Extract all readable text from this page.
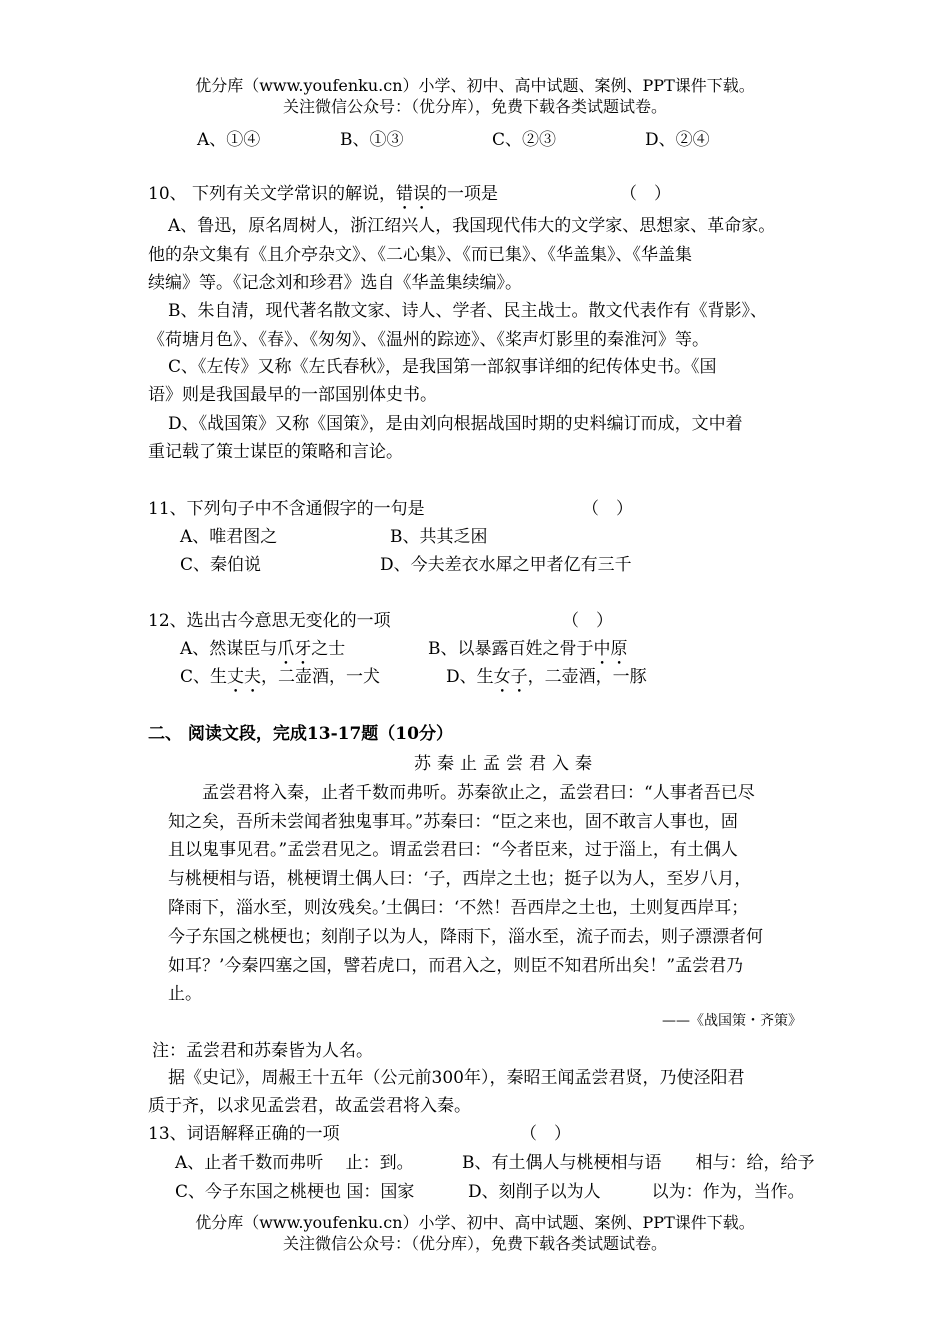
优分库（www.youfenku.cn）小学、初中、高中试题、案例、PPT课件下载。
关注微信公众号：（优分库），免费下载各类试题试卷。
A、①④	B、①③	C、②③	D、②④
10、 下列有关文学常识的解说，错误的一项是	（　）
A、鲁迅，原名周树人，浙江绍兴人，我国现代伟大的文学家、思想家、革命家。
他的杂文集有《且介亭杂文》、《二心集》、《而已集》、《华盖集》、《华盖集
续编》等。《记念刘和珍君》选自《华盖集续编》。
B、朱自清，现代著名散文家、诗人、学者、民主战士。散文代表作有《背影》、
《荷塘月色》、《春》、《匆匆》、《温州的踪迹》、《桨声灯影里的秦淮河》等。
C、《左传》又称《左氏春秋》，是我国第一部叙事详细的纪传体史书。《国
语》则是我国最早的一部国别体史书。
D、《战国策》又称《国策》，是由刘向根据战国时期的史料编订而成，文中着
重记载了策士谋臣的策略和言论。
11、下列句子中不含通假字的一句是	（　）
A、唯君图之	B、共其乏困
C、秦伯说	D、今夫差衣水犀之甲者亿有三千
12、选出古今意思无变化的一项	（　）
A、然谋臣与爪牙之士	B、以暴露百姓之骨于中原
C、生丈夫，二壶酒，一犬	D、生女子，二壶酒，一豚
二、 阅读文段，完成13-17题（10分）
苏秦止孟尝君入秦
孟尝君将入秦，止者千数而弗听。苏秦欲止之，孟尝君曰：“人事者吾已尽
知之矣，吾所未尝闻者独鬼事耳。”苏秦曰：“臣之来也，固不敢言人事也，固
且以鬼事见君。”孟尝君见之。谓孟尝君曰：“今者臣来，过于淄上，有土偶人
与桃梗相与语，桃梗谓土偶人曰：‘子，西岸之土也；挺子以为人，至岁八月，
降雨下，淄水至，则汝残矣。’土偶曰：‘不然！吾西岸之土也，土则复西岸耳；
今子东国之桃梗也；刻削子以为人，降雨下，淄水至，流子而去，则子漂漂者何
如耳？’今秦四塞之国，譬若虎口，而君入之，则臣不知君所出矣！”孟尝君乃
止。
——《战国策・齐策》
注：孟尝君和苏秦皆为人名。
据《史记》，周赧王十五年（公元前300年），秦昭王闻孟尝君贤，乃使泾阳君
质于齐，以求见孟尝君，故孟尝君将入秦。
13、词语解释正确的一项	（　）
A、止者千数而弗听　 止：到。	B、有土偶人与桃梗相与语　　相与：给，给予
C、今子东国之桃梗也 国：国家	D、刻削子以为人　　　以为：作为，当作。
优分库（www.youfenku.cn）小学、初中、高中试题、案例、PPT课件下载。
关注微信公众号：（优分库），免费下载各类试题试卷。
